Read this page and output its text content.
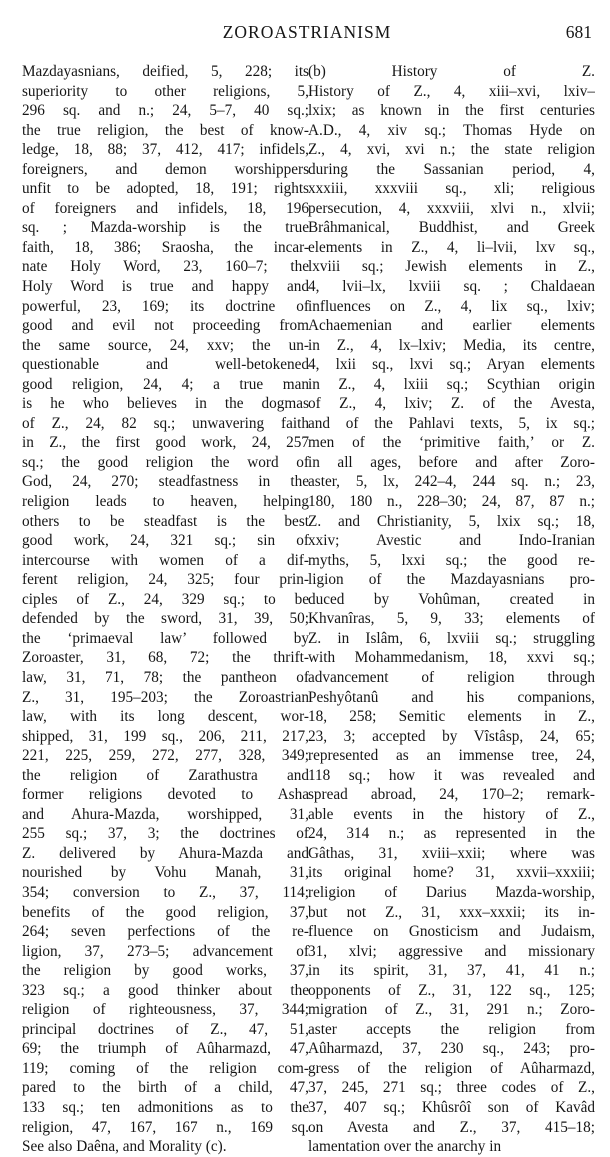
ZOROASTRIANISM	681
Mazdayasnians, deified, 5, 228; its
superiority to other religions, 5,
296 sq. and n.; 24, 5–7, 40 sq.;
the true religion, the best of know-
ledge, 18, 88; 37, 412, 417; infidels,
foreigners, and demon worshippers
unfit to be adopted, 18, 191; rights
of foreigners and infidels, 18, 196
sq. ; Mazda-worship is the true
faith, 18, 386; Sraosha, the incar-
nate Holy Word, 23, 160–7; the
Holy Word is true and happy and
powerful, 23, 169; its doctrine of
good and evil not proceeding from
the same source, 24, xxv; the un-
questionable and well-betokened
good religion, 24, 4; a true man
is he who believes in the dogmas
of Z., 24, 82 sq.; unwavering faith
in Z., the first good work, 24, 257
sq.; the good religion the word of
God, 24, 270; steadfastness in the
religion leads to heaven, helping
others to be steadfast is the best
good work, 24, 321 sq.; sin of
intercourse with women of a dif-
ferent religion, 24, 325; four prin-
ciples of Z., 24, 329 sq.; to be
defended by the sword, 31, 39, 50;
the ‘primaeval law’ followed by
Zoroaster, 31, 68, 72; the thrift-
law, 31, 71, 78; the pantheon of
Z., 31, 195–203; the Zoroastrian
law, with its long descent, wor-
shipped, 31, 199 sq., 206, 211, 217,
221, 225, 259, 272, 277, 328, 349;
the religion of Zarathustra and
former religions devoted to Asha
and Ahura-Mazda, worshipped, 31,
255 sq.; 37, 3; the doctrines of
Z. delivered by Ahura-Mazda and
nourished by Vohu Manah, 31,
354; conversion to Z., 37, 114;
benefits of the good religion, 37,
264; seven perfections of the re-
ligion, 37, 273–5; advancement of
the religion by good works, 37,
323 sq.; a good thinker about the
religion of righteousness, 37, 344;
principal doctrines of Z., 47, 51,
69; the triumph of Aûharmazd, 47,
119; coming of the religion com-
pared to the birth of a child, 47,
133 sq.; ten admonitions as to the
religion, 47, 167, 167 n., 169 sq.
See also Daêna, and Morality (c).
(b) History of Z.
History of Z., 4, xiii–xvi, lxiv–
lxix; as known in the first centuries
A.D., 4, xiv sq.; Thomas Hyde on
Z., 4, xvi, xvi n.; the state religion
during the Sassanian period, 4,
xxxiii, xxxviii sq., xli; religious
persecution, 4, xxxviii, xlvi n., xlvii;
Brâhmanical, Buddhist, and Greek
elements in Z., 4, li–lvii, lxv sq.,
lxviii sq.; Jewish elements in Z.,
4, lvii–lx, lxviii sq. ; Chaldaean
influences on Z., 4, lix sq., lxiv;
Achaemenian and earlier elements
in Z., 4, lx–lxiv; Media, its centre,
4, lxii sq., lxvi sq.; Aryan elements
in Z., 4, lxiii sq.; Scythian origin
of Z., 4, lxiv; Z. of the Avesta,
and of the Pahlavi texts, 5, ix sq.;
men of the ‘primitive faith,’ or Z.
in all ages, before and after Zoro-
aster, 5, lx, 242–4, 244 sq. n.; 23,
180, 180 n., 228–30; 24, 87, 87 n.;
Z. and Christianity, 5, lxix sq.; 18,
xxiv; Avestic and Indo-Iranian
myths, 5, lxxi sq.; the good re-
ligion of the Mazdayasnians pro-
duced by Vohûman, created in
Khvanîras, 5, 9, 33; elements of
Z. in Islâm, 6, lxviii sq.; struggling
with Mohammedanism, 18, xxvi sq.;
advancement of religion through
Peshyôtanû and his companions,
18, 258; Semitic elements in Z.,
23, 3; accepted by Vîstâsp, 24, 65;
represented as an immense tree, 24,
118 sq.; how it was revealed and
spread abroad, 24, 170–2; remark-
able events in the history of Z.,
24, 314 n.; as represented in the
Gâthas, 31, xviii–xxii; where was
its original home? 31, xxvii–xxxiii;
religion of Darius Mazda-worship,
but not Z., 31, xxx–xxxii; its in-
fluence on Gnosticism and Judaism,
31, xlvi; aggressive and missionary
in its spirit, 31, 37, 41, 41 n.;
opponents of Z., 31, 122 sq., 125;
migration of Z., 31, 291 n.; Zoro-
aster accepts the religion from
Aûharmazd, 37, 230 sq., 243; pro-
gress of the religion of Aûharmazd,
37, 245, 271 sq.; three codes of Z.,
37, 407 sq.; Khûsrôî son of Kavâd
on Avesta and Z., 37, 415–18;
lamentation over the anarchy in
